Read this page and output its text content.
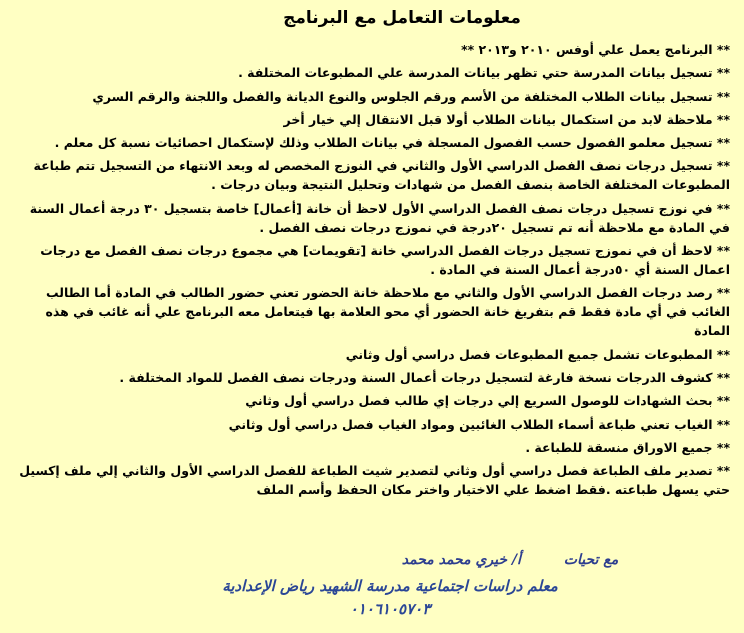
معلومات التعامل مع البرنامج

** البرنامج يعمل علي أوفس ٢٠١٠ و٢٠١٣ **

** تسجيل بيانات المدرسة حتي تظهر بيانات المدرسة علي المطبوعات المختلفة .

** تسجيل بيانات الطلاب المختلفة من الأسم ورقم الجلوس والنوع الديانة والفصل واللجنة والرقم السري

** ملاحظة لابد من استكمال بيانات الطلاب أولا قبل الانتقال إلي خيار أخر

** تسجيل معلمو الفصول حسب الفصول المسجلة في بيانات الطلاب وذلك لإستكمال احصائيات نسبة كل معلم .

** تسجيل درجات نصف الفصل الدراسي الأول والثاني في النوزج المخصص له وبعد الانتهاء من التسجيل تتم طباعة المطبوعات المختلفة الخاصة بنصف الفصل من شهادات وتحليل النتيجة وبيان درجات .

** في نوزج تسجيل درجات نصف الفصل الدراسي الأول لاحظ أن خانة [أعمال] خاصة بتسجيل ٣٠ درجة أعمال السنة في المادة مع ملاحظة أنه تم تسجيل ٢٠درجة في نموزج درجات نصف الفصل .

** لاحظ أن في نموزج تسجيل درجات الفصل الدراسي خانة [تقويمات] هي مجموع درجات نصف الفصل مع درجات اعمال السنة أي ٥٠درجة أعمال السنة في المادة .

** رصد درجات الفصل الدراسي الأول والثاني مع ملاحظة خانة الحضور تعني حضور الطالب في المادة أما الطالب الغائب في أي مادة فقط قم بتفريغ خانة الحضور أي محو العلامة بها فيتعامل معه البرنامج علي أنه غائب في هذه المادة

** المطبوعات تشمل جميع المطبوعات فصل دراسي أول وثاني

** كشوف الدرجات نسخة فارغة لتسجيل درجات أعمال السنة ودرجات نصف الفصل للمواد المختلفة .

** بحث الشهادات للوصول السريع إلي درجات إي طالب فصل دراسي أول وثاني

** الغياب تعني طباعة أسماء الطلاب الغائبين ومواد الغياب فصل دراسي أول وثاني

** جميع الاوراق منسقة للطباعة .

** تصدير ملف الطباعة فصل دراسي أول وثاني لتصدير شيت الطباعة للفصل الدراسي الأول والثاني إلي ملف إكسيل حتي يسهل طباعته .فقط اضغط علي الاختيار واختر مكان الحفظ وأسم الملف

مع تحيات أ/ خيري محمد محمد
معلم دراسات اجتماعية مدرسة الشهيد رياض الإعدادية
٠١٠٦١٠٥٧٠٣
